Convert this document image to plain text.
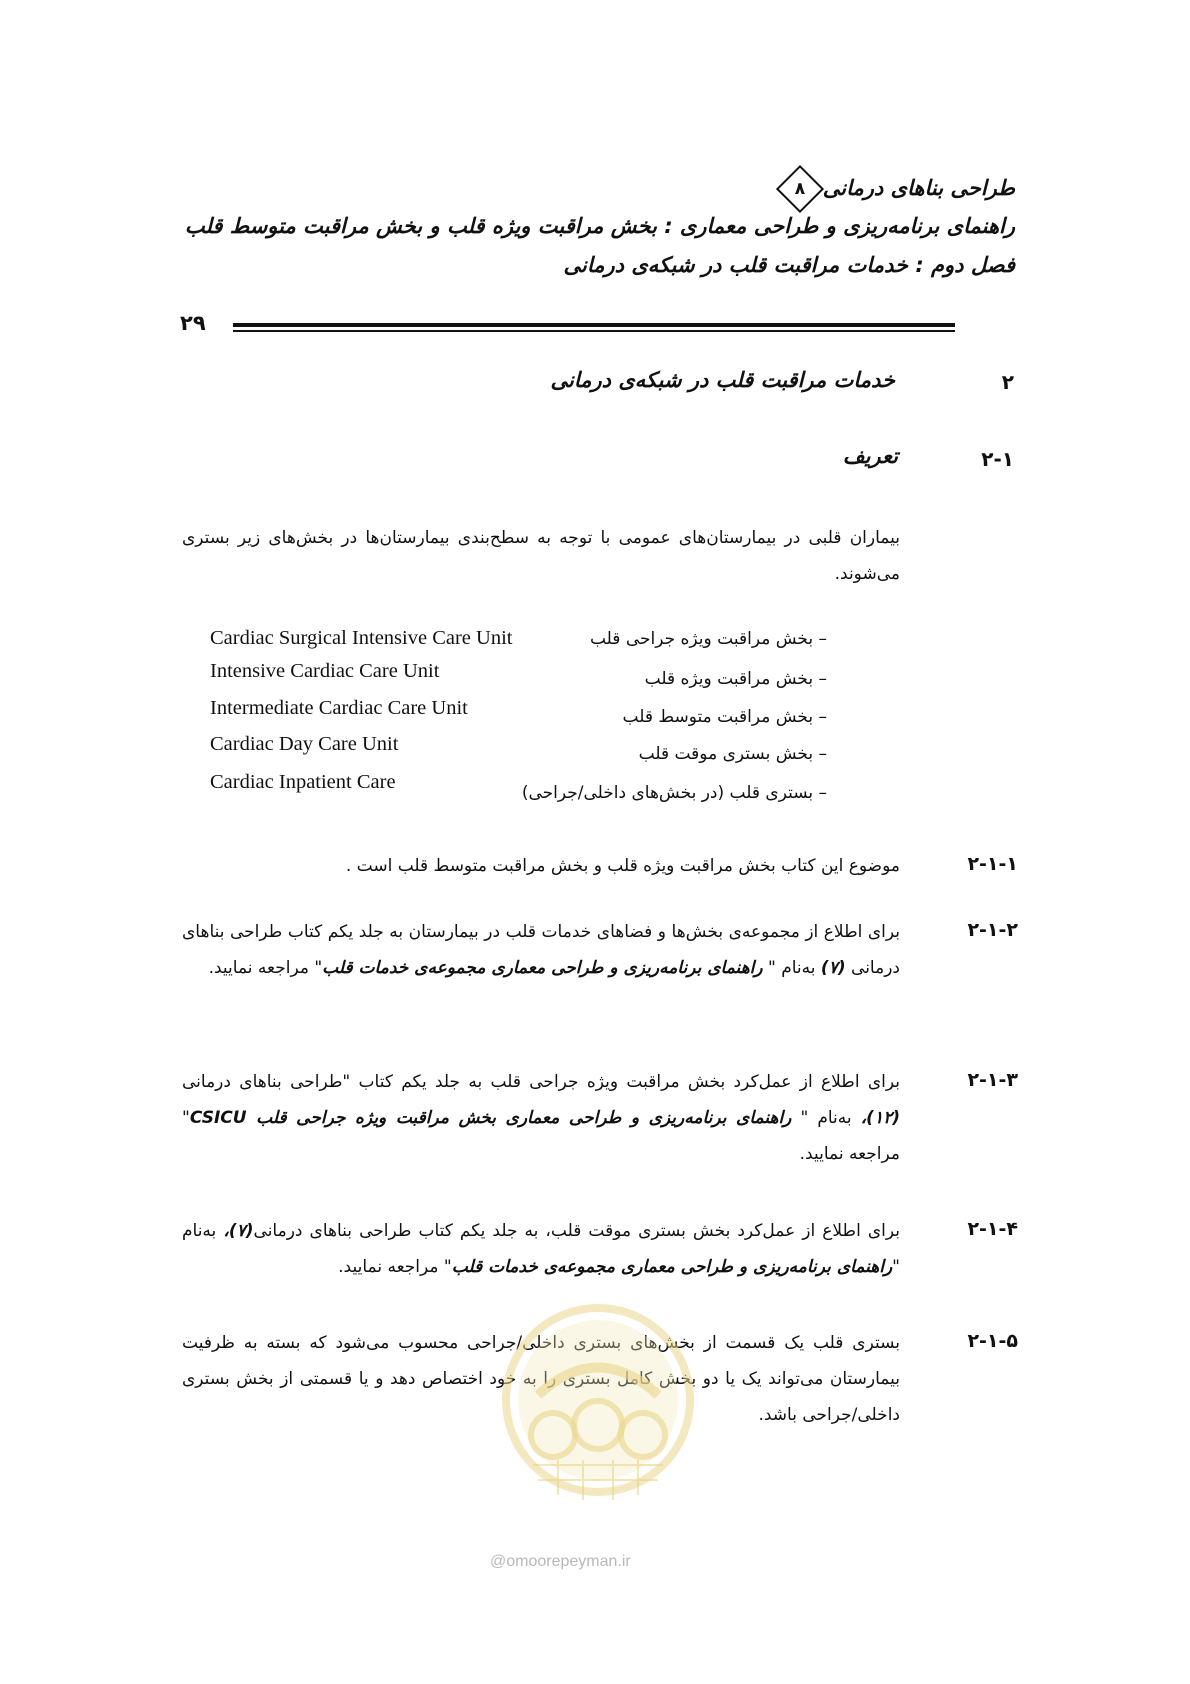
طراحی بناهای درمانی
۸
راهنمای برنامه‌ریزی و طراحی معماری : بخش مراقبت ویژه قلب و بخش مراقبت متوسط قلب
فصل دوم : خدمات مراقبت قلب در شبکه‌ی درمانی
۲۹
۲
خدمات مراقبت قلب در شبکه‌ی درمانی
۲-۱
تعریف
بیماران قلبی در بیمارستان‌های عمومی با توجه به سطح‌بندی بیمارستان‌ها در بخش‌های زیر بستری می‌شوند.
– بخش مراقبت ویژه جراحی قلب
Cardiac Surgical Intensive Care Unit
– بخش مراقبت ویژه قلب
Intensive Cardiac Care Unit
– بخش مراقبت متوسط قلب
Intermediate Cardiac Care Unit
– بخش بستری موقت قلب
Cardiac Day Care Unit
– بستری قلب (در بخش‌های داخلی/جراحی)
Cardiac Inpatient Care
۲-۱-۱
موضوع این کتاب بخش مراقبت ویژه قلب و بخش مراقبت متوسط قلب است .
۲-۱-۲
برای اطلاع از مجموعه‌ی بخش‌ها و فضاهای خدمات قلب در بیمارستان به جلد یکم کتاب طراحی بناهای درمانی (۷) به‌نام " راهنمای برنامه‌ریزی و طراحی معماری مجموعه‌ی خدمات قلب" مراجعه نمایید.
۲-۱-۳
برای اطلاع از عمل‌کرد بخش مراقبت ویژه جراحی قلب به جلد یکم کتاب "طراحی بناهای درمانی (۱۲)، به‌نام " راهنمای برنامه‌ریزی و طراحی معماری بخش مراقبت ویژه جراحی قلب CSICU" مراجعه نمایید.
۲-۱-۴
برای اطلاع از عمل‌کرد بخش بستری موقت قلب، به جلد یکم کتاب طراحی بناهای درمانی(۷)، به‌نام "راهنمای برنامه‌ریزی و طراحی معماری مجموعه‌ی خدمات قلب" مراجعه نمایید.
۲-۱-۵
بستری قلب یک قسمت از بخش‌های بستری داخلی/جراحی محسوب می‌شود که بسته به ظرفیت بیمارستان می‌تواند یک یا دو بخش کامل بستری را به خود اختصاص دهد و یا قسمتی از بخش بستری داخلی/جراحی باشد.
@omoorepeyman.ir
